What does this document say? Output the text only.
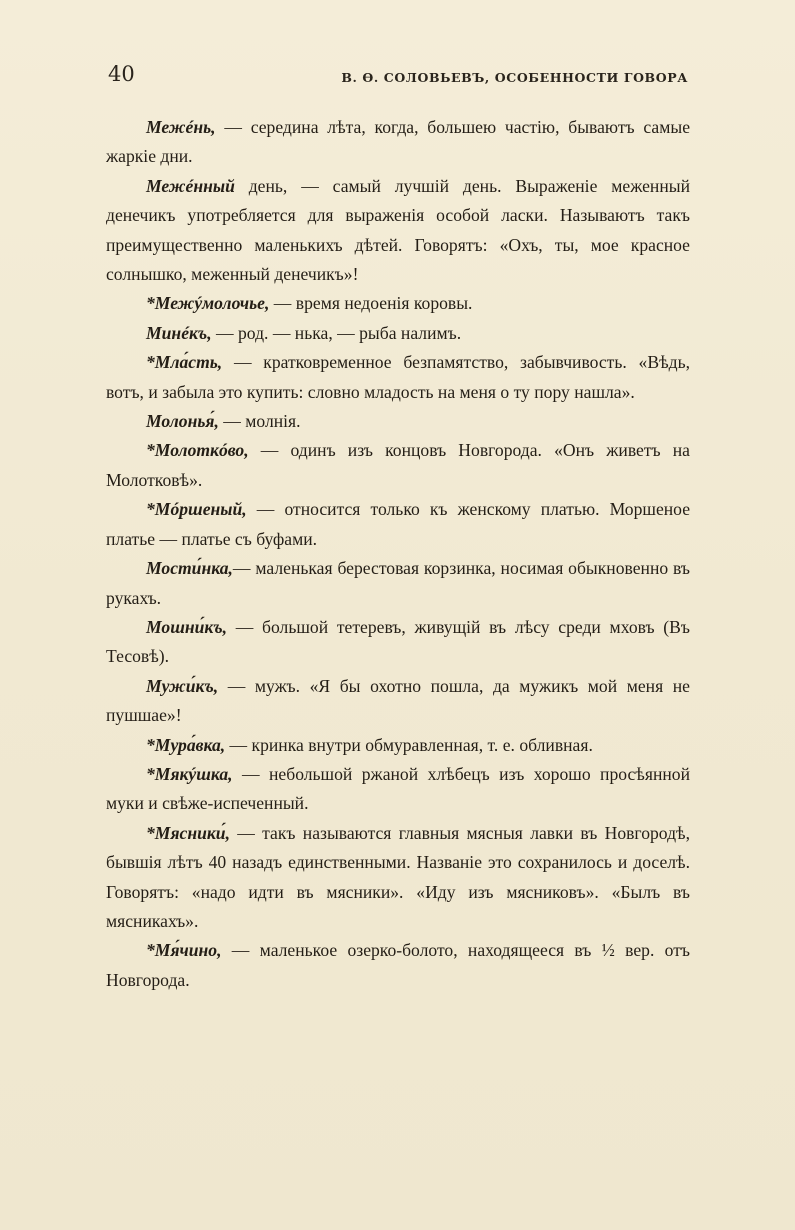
40	В. Ѳ. СОЛОВЬЕВЪ, ОСОБЕННОСТИ ГОВОРА

Межéнь, — середина лѣта, когда, большею частію, бываютъ самые жаркіе дни.

Межéнный день, — самый лучшій день. Выраженіе меженный денечикъ употребляется для выраженія особой ласки. Называютъ такъ преимущественно маленькихъ дѣтей. Говорятъ: «Охъ, ты, мое красное солнышко, меженный денечикъ»!

*Межýмолочье, — время недоенія коровы.

Минéкъ, — род. — нька, — рыба налимъ.

*Мла́сть, — кратковременное безпамятство, забывчивость. «Вѣдь, вотъ, и забыла это купить: словно младость на меня о ту пору нашла».

Молонья́, — молнія.

*Молоткóво, — одинъ изъ концовъ Новгорода. «Онъ живетъ на Молотковѣ».

*Мóршеный, — относится только къ женскому платью. Моршеное платье — платье съ буфами.

Мости́нка,— маленькая берестовая корзинка, носимая обыкновенно въ рукахъ.

Мошни́къ, — большой тетеревъ, живущій въ лѣсу среди мховъ (Въ Тесовѣ).

Мужи́къ, — мужъ. «Я бы охотно пошла, да мужикъ мой меня не пушшае»!

*Мура́вка, — кринка внутри обмуравленная, т. е. обливная.

*Мякýшка, — небольшой ржаной хлѣбецъ изъ хорошо просѣянной муки и свѣже-испеченный.

*Мясники́, — такъ называются главныя мясныя лавки въ Новгородѣ, бывшія лѣтъ 40 назадъ единственными. Названіе это сохранилось и доселѣ. Говорятъ: «надо идти въ мясники». «Иду изъ мясниковъ». «Былъ въ мясникахъ».

*Мя́чино, — маленькое озерко-болото, находящееся въ ½ вер. отъ Новгорода.
